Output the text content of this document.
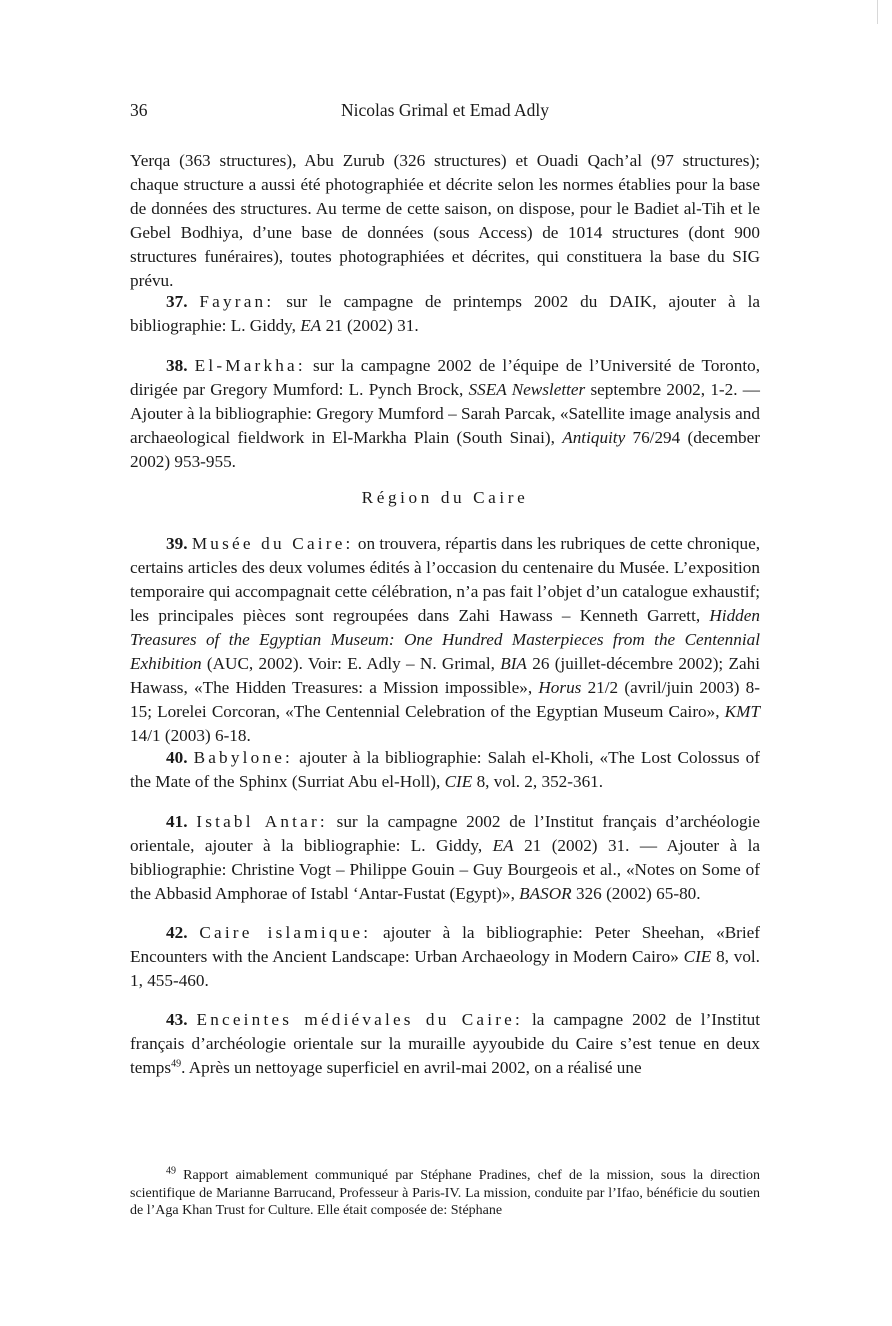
36	Nicolas Grimal et Emad Adly

Yerqa (363 structures), Abu Zurub (326 structures) et Ouadi Qach’al (97 structures); chaque structure a aussi été photographiée et décrite selon les normes établies pour la base de données des structures. Au terme de cette saison, on dispose, pour le Badiet al-Tih et le Gebel Bodhiya, d’une base de données (sous Access) de 1014 structures (dont 900 structures funéraires), toutes photographiées et décrites, qui constituera la base du SIG prévu.

37. Fayran: sur le campagne de printemps 2002 du DAIK, ajouter à la bibliographie: L. Giddy, EA 21 (2002) 31.

38. El-Markha: sur la campagne 2002 de l’équipe de l’Université de Toronto, dirigée par Gregory Mumford: L. Pynch Brock, SSEA Newsletter septembre 2002, 1-2. — Ajouter à la bibliographie: Gregory Mumford – Sarah Parcak, «Satellite image analysis and archaeological fieldwork in El-Markha Plain (South Sinai), Antiquity 76/294 (december 2002) 953-955.

Région du Caire

39. Musée du Caire: on trouvera, répartis dans les rubriques de cette chronique, certains articles des deux volumes édités à l’occasion du centenaire du Musée. L’exposition temporaire qui accompagnait cette célébration, n’a pas fait l’objet d’un catalogue exhaustif; les principales pièces sont regroupées dans Zahi Hawass – Kenneth Garrett, Hidden Treasures of the Egyptian Museum: One Hundred Masterpieces from the Centennial Exhibition (AUC, 2002). Voir: E. Adly – N. Grimal, BIA 26 (juillet-décembre 2002); Zahi Hawass, «The Hidden Treasures: a Mission impossible», Horus 21/2 (avril/juin 2003) 8-15; Lorelei Corcoran, «The Centennial Celebration of the Egyptian Museum Cairo», KMT 14/1 (2003) 6-18.

40. Babylone: ajouter à la bibliographie: Salah el-Kholi, «The Lost Colossus of the Mate of the Sphinx (Surriat Abu el-Holl), CIE 8, vol. 2, 352-361.

41. Istabl Antar: sur la campagne 2002 de l’Institut français d’archéologie orientale, ajouter à la bibliographie: L. Giddy, EA 21 (2002) 31. — Ajouter à la bibliographie: Christine Vogt – Philippe Gouin – Guy Bourgeois et al., «Notes on Some of the Abbasid Amphorae of Istabl ‘Antar-Fustat (Egypt)», BASOR 326 (2002) 65-80.

42. Caire islamique: ajouter à la bibliographie: Peter Sheehan, «Brief Encounters with the Ancient Landscape: Urban Archaeology in Modern Cairo» CIE 8, vol. 1, 455-460.

43. Enceintes médiévales du Caire: la campagne 2002 de l’Institut français d’archéologie orientale sur la muraille ayyoubide du Caire s’est tenue en deux temps$^{49}$. Après un nettoyage superficiel en avril-mai 2002, on a réalisé une

$^{49}$ Rapport aimablement communiqué par Stéphane Pradines, chef de la mission, sous la direction scientifique de Marianne Barrucand, Professeur à Paris-IV. La mission, conduite par l’Ifao, bénéficie du soutien de l’Aga Khan Trust for Culture. Elle était composée de: Stéphane
